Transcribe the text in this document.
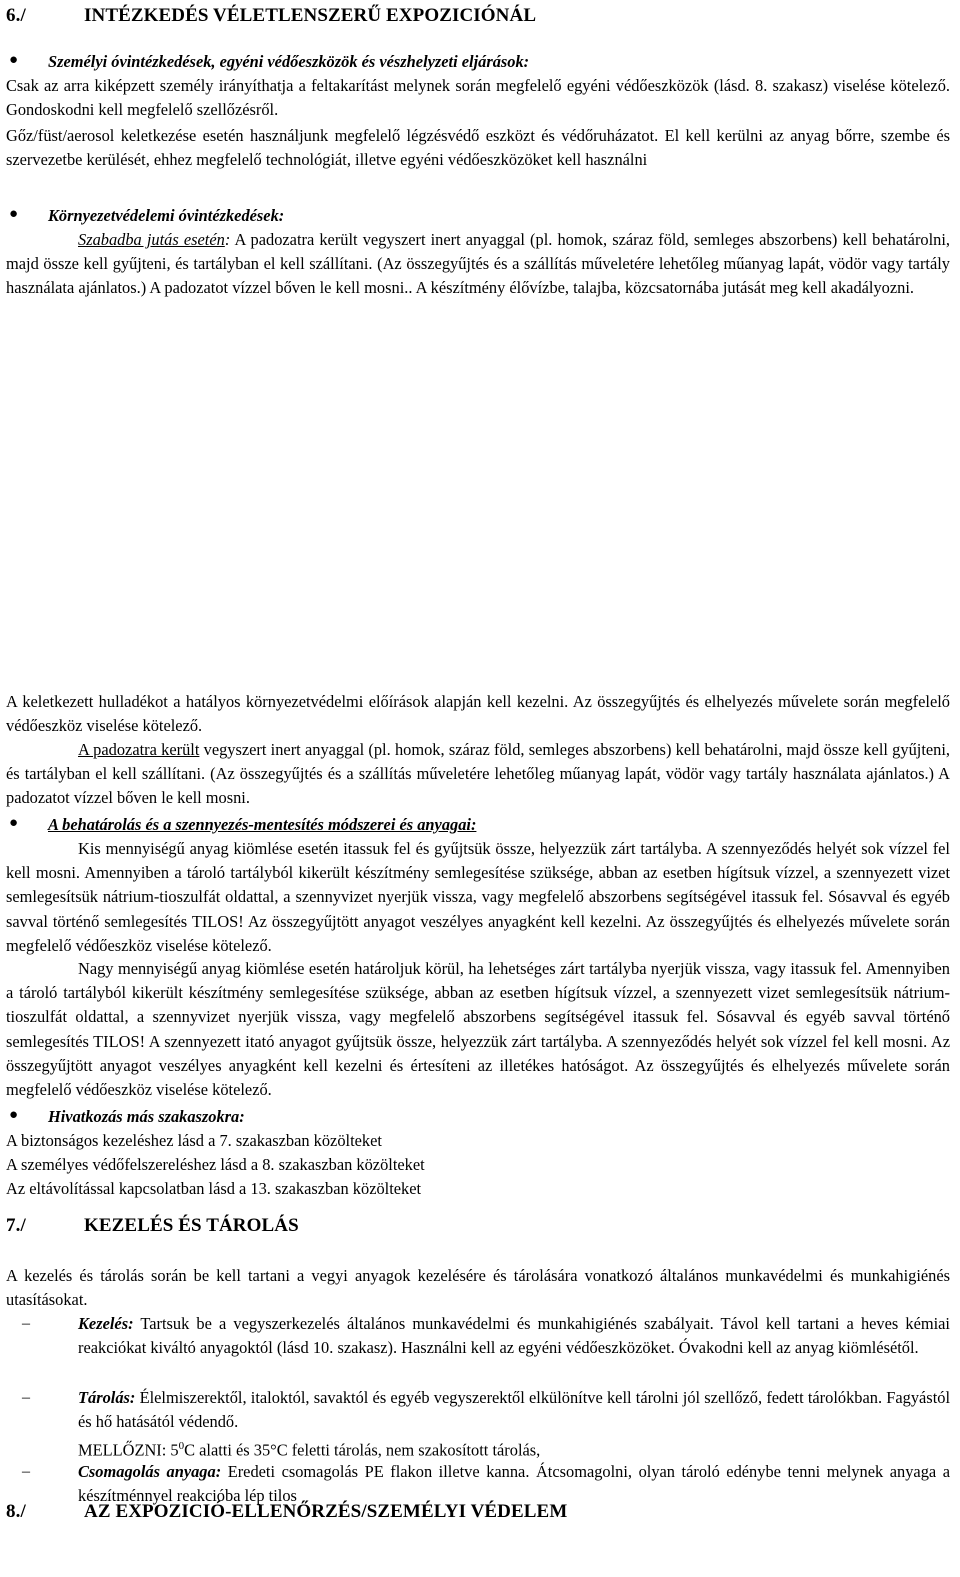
6./	INTÉZKEDÉS VÉLETLENSZERŰ EXPOZICIÓNÁL
● Személyi óvintézkedések, egyéni védőeszközök és vészhelyzeti eljárások:
Csak az arra kiképzett személy irányíthatja a feltakarítást melynek során megfelelő egyéni védőeszközök (lásd. 8. szakasz) viselése kötelező. Gondoskodni kell megfelelő szellőzésről.
Gőz/füst/aerosol keletkezése esetén használjunk megfelelő légzésvédő eszközt és védőruházatot. El kell kerülni az anyag bőrre, szembe és szervezetbe kerülését, ehhez megfelelő technológiát, illetve egyéni védőeszközöket kell használni
● Környezetvédelemi óvintézkedések:
Szabadba jutás esetén: A padozatra került vegyszert inert anyaggal (pl. homok, száraz föld, semleges abszorbens) kell behatárolni, majd össze kell gyűjteni, és tartályban el kell szállítani. (Az összegyűjtés és a szállítás műveletére lehetőleg műanyag lapát, vödör vagy tartály használata ajánlatos.) A padozatot vízzel bőven le kell mosni.. A készítmény élővízbe, talajba, közcsatornába jutását meg kell akadályozni.
A keletkezett hulladékot a hatályos környezetvédelmi előírások alapján kell kezelni. Az összegyűjtés és elhelyezés művelete során megfelelő védőeszköz viselése kötelező.
A padozatra került vegyszert inert anyaggal (pl. homok, száraz föld, semleges abszorbens) kell behatárolni, majd össze kell gyűjteni, és tartályban el kell szállítani. (Az összegyűjtés és a szállítás műveletére lehetőleg műanyag lapát, vödör vagy tartály használata ajánlatos.) A padozatot vízzel bőven le kell mosni.
● A behatárolás és a szennyezés-mentesítés módszerei és anyagai:
Kis mennyiségű anyag kiömlése esetén itassuk fel és gyűjtsük össze, helyezzük zárt tartályba. A szennyeződés helyét sok vízzel fel kell mosni. Amennyiben a tároló tartályból kikerült készítmény semlegesítése szüksége, abban az esetben hígítsuk vízzel, a szennyezett vizet semlegesítsük nátrium-tioszulfát oldattal, a szennyvizet nyerjük vissza, vagy megfelelő abszorbens segítségével itassuk fel. Sósavval és egyéb savval történő semlegesítés TILOS! Az összegyűjtött anyagot veszélyes anyagként kell kezelni. Az összegyűjtés és elhelyezés művelete során megfelelő védőeszköz viselése kötelező.
Nagy mennyiségű anyag kiömlése esetén határoljuk körül, ha lehetséges zárt tartályba nyerjük vissza, vagy itassuk fel. Amennyiben a tároló tartályból kikerült készítmény semlegesítése szüksége, abban az esetben hígítsuk vízzel, a szennyezett vizet semlegesítsük nátrium-tioszulfát oldattal, a szennyvizet nyerjük vissza, vagy megfelelő abszorbens segítségével itassuk fel. Sósavval és egyéb savval történő semlegesítés TILOS! A szennyezett itató anyagot gyűjtsük össze, helyezzük zárt tartályba. A szennyeződés helyét sok vízzel fel kell mosni. Az összegyűjtött anyagot veszélyes anyagként kell kezelni és értesíteni az illetékes hatóságot. Az összegyűjtés és elhelyezés művelete során megfelelő védőeszköz viselése kötelező.
● Hivatkozás más szakaszokra:
A biztonságos kezeléshez lásd a 7. szakaszban közölteket
A személyes védőfelszereléshez lásd a 8. szakaszban közölteket
Az eltávolítással kapcsolatban lásd a 13. szakaszban közölteket
7./	KEZELÉS ÉS TÁROLÁS
A kezelés és tárolás során be kell tartani a vegyi anyagok kezelésére és tárolására vonatkozó általános munkavédelmi és munkahigiénés utasításokat.
–	Kezelés: Tartsuk be a vegyszerkezelés általános munkavédelmi és munkahigiénés szabályait. Távol kell tartani a heves kémiai reakciókat kiváltó anyagoktól (lásd 10. szakasz). Használni kell az egyéni védőeszközöket. Óvakodni kell az anyag kiömlésétől.
–	Tárolás: Élelmiszerektől, italoktól, savaktól és egyéb vegyszerektől elkülönítve kell tárolni jól szellőző, fedett tárolókban. Fagyástól és hő hatásától védendő.
MELLŐZNI: $5^0C$ alatti és 35°C feletti tárolás, nem szakosított tárolás,
–	Csomagolás anyaga: Eredeti csomagolás PE flakon illetve kanna. Átcsomagolni, olyan tároló edénybe tenni melynek anyaga a készítménnyel reakcióba lép tilos
8./	AZ EXPOZICIÓ-ELLENŐRZÉS/SZEMÉLYI VÉDELEM
